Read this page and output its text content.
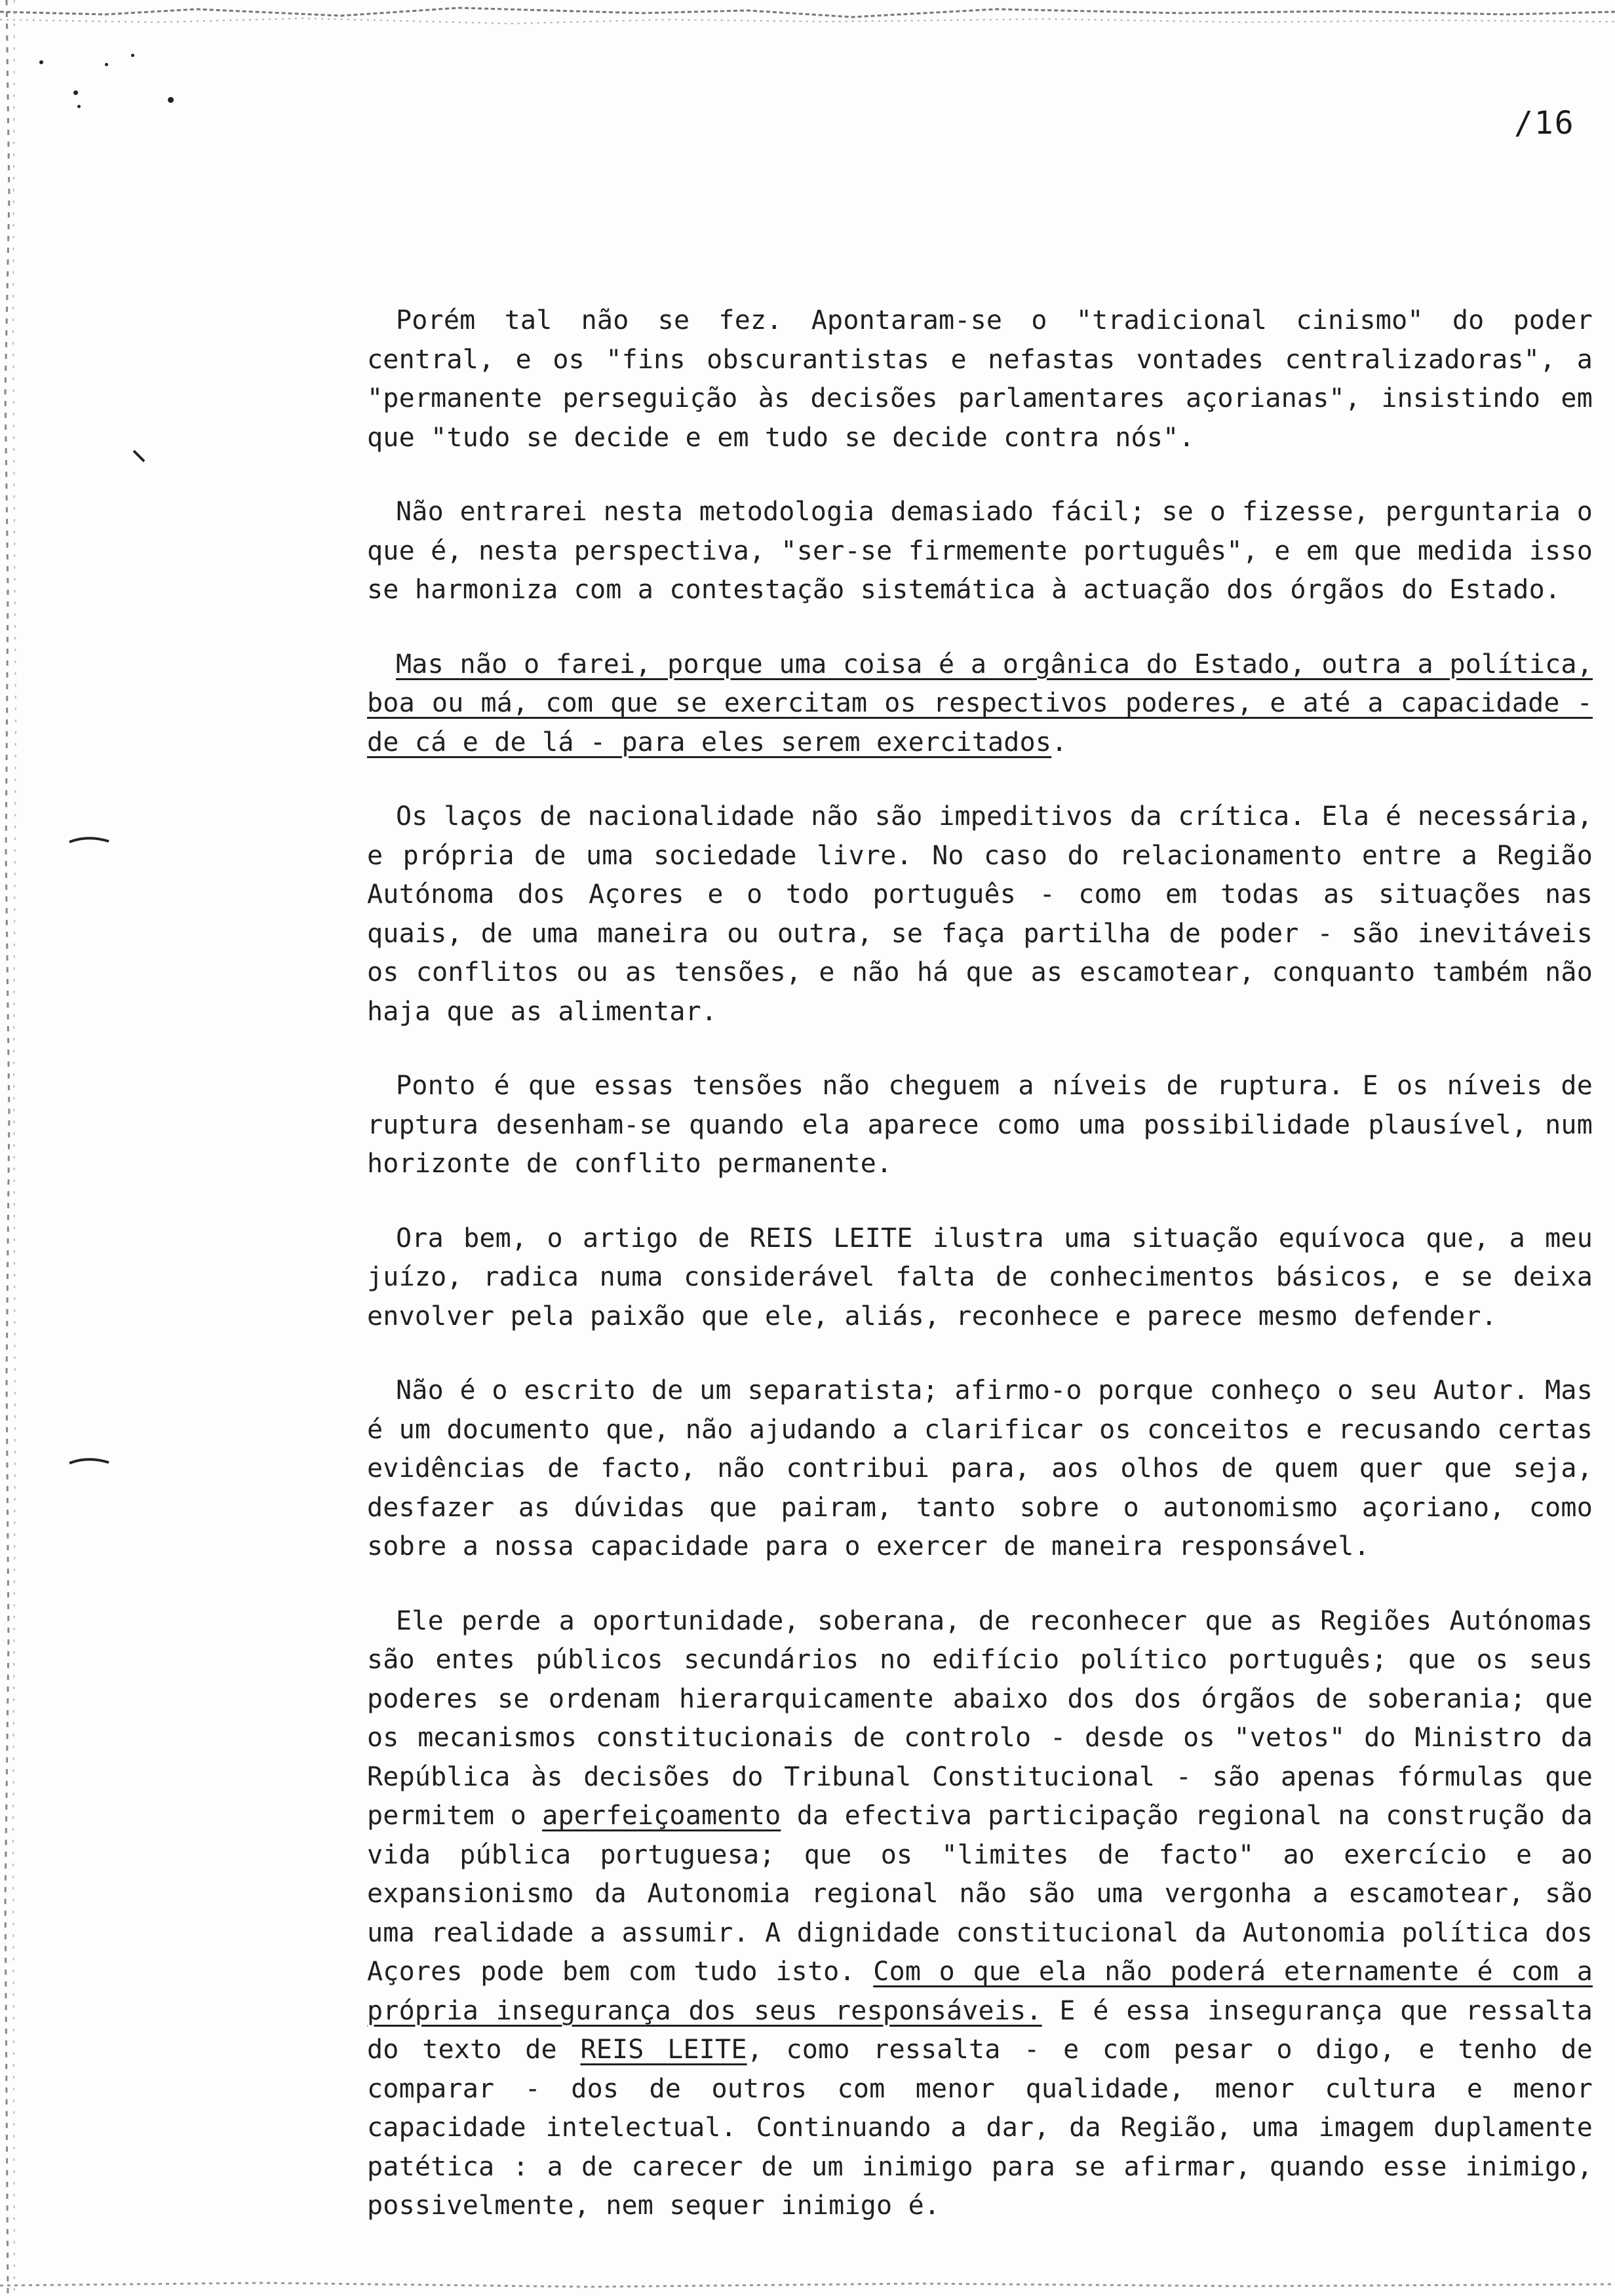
/16

Porém tal não se fez. Apontaram-se o "tradicional cinismo" do poder central, e os "fins obscurantistas e nefastas vontades centralizadoras", a "permanente perseguição às decisões parlamentares açorianas", insistindo em que "tudo se decide e em tudo se decide contra nós".

Não entrarei nesta metodologia demasiado fácil; se o fizesse, perguntaria o que é, nesta perspectiva, "ser-se firmemente português", e em que medida isso se harmoniza com a contestação sistemática à actuação dos órgãos do Estado.

Mas não o farei, porque uma coisa é a orgânica do Estado, outra a política, boa ou má, com que se exercitam os respectivos poderes, e até a capacidade - de cá e de lá - para eles serem exercitados.

Os laços de nacionalidade não são impeditivos da crítica. Ela é necessária, e própria de uma sociedade livre. No caso do relacionamento entre a Região Autónoma dos Açores e o todo português - como em todas as situações nas quais, de uma maneira ou outra, se faça partilha de poder - são inevitáveis os conflitos ou as tensões, e não há que as escamotear, conquanto também não haja que as alimentar.

Ponto é que essas tensões não cheguem a níveis de ruptura. E os níveis de ruptura desenham-se quando ela aparece como uma possibilidade plausível, num horizonte de conflito permanente.

Ora bem, o artigo de REIS LEITE ilustra uma situação equívoca que, a meu juízo, radica numa considerável falta de conhecimentos básicos, e se deixa envolver pela paixão que ele, aliás, reconhece e parece mesmo defender.

Não é o escrito de um separatista; afirmo-o porque conheço o seu Autor. Mas é um documento que, não ajudando a clarificar os conceitos e recusando certas evidências de facto, não contribui para, aos olhos de quem quer que seja, desfazer as dúvidas que pairam, tanto sobre o autonomismo açoriano, como sobre a nossa capacidade para o exercer de maneira responsável.

Ele perde a oportunidade, soberana, de reconhecer que as Regiões Autónomas são entes públicos secundários no edifício político português; que os seus poderes se ordenam hierarquicamente abaixo dos dos órgãos de soberania; que os mecanismos constitucionais de controlo - desde os "vetos" do Ministro da República às decisões do Tribunal Constitucional - são apenas fórmulas que permitem o aperfeiçoamento da efectiva participação regional na construção da vida pública portuguesa; que os "limites de facto" ao exercício e ao expansionismo da Autonomia regional não são uma vergonha a escamotear, são uma realidade a assumir. A dignidade constitucional da Autonomia política dos Açores pode bem com tudo isto. Com o que ela não poderá eternamente é com a própria insegurança dos seus responsáveis. E é essa insegurança que ressalta do texto de REIS LEITE, como ressalta - e com pesar o digo, e tenho de comparar - dos de outros com menor qualidade, menor cultura e menor capacidade intelectual. Continuando a dar, da Região, uma imagem duplamente patética : a de carecer de um inimigo para se afirmar, quando esse inimigo, possivelmente, nem sequer inimigo é.
